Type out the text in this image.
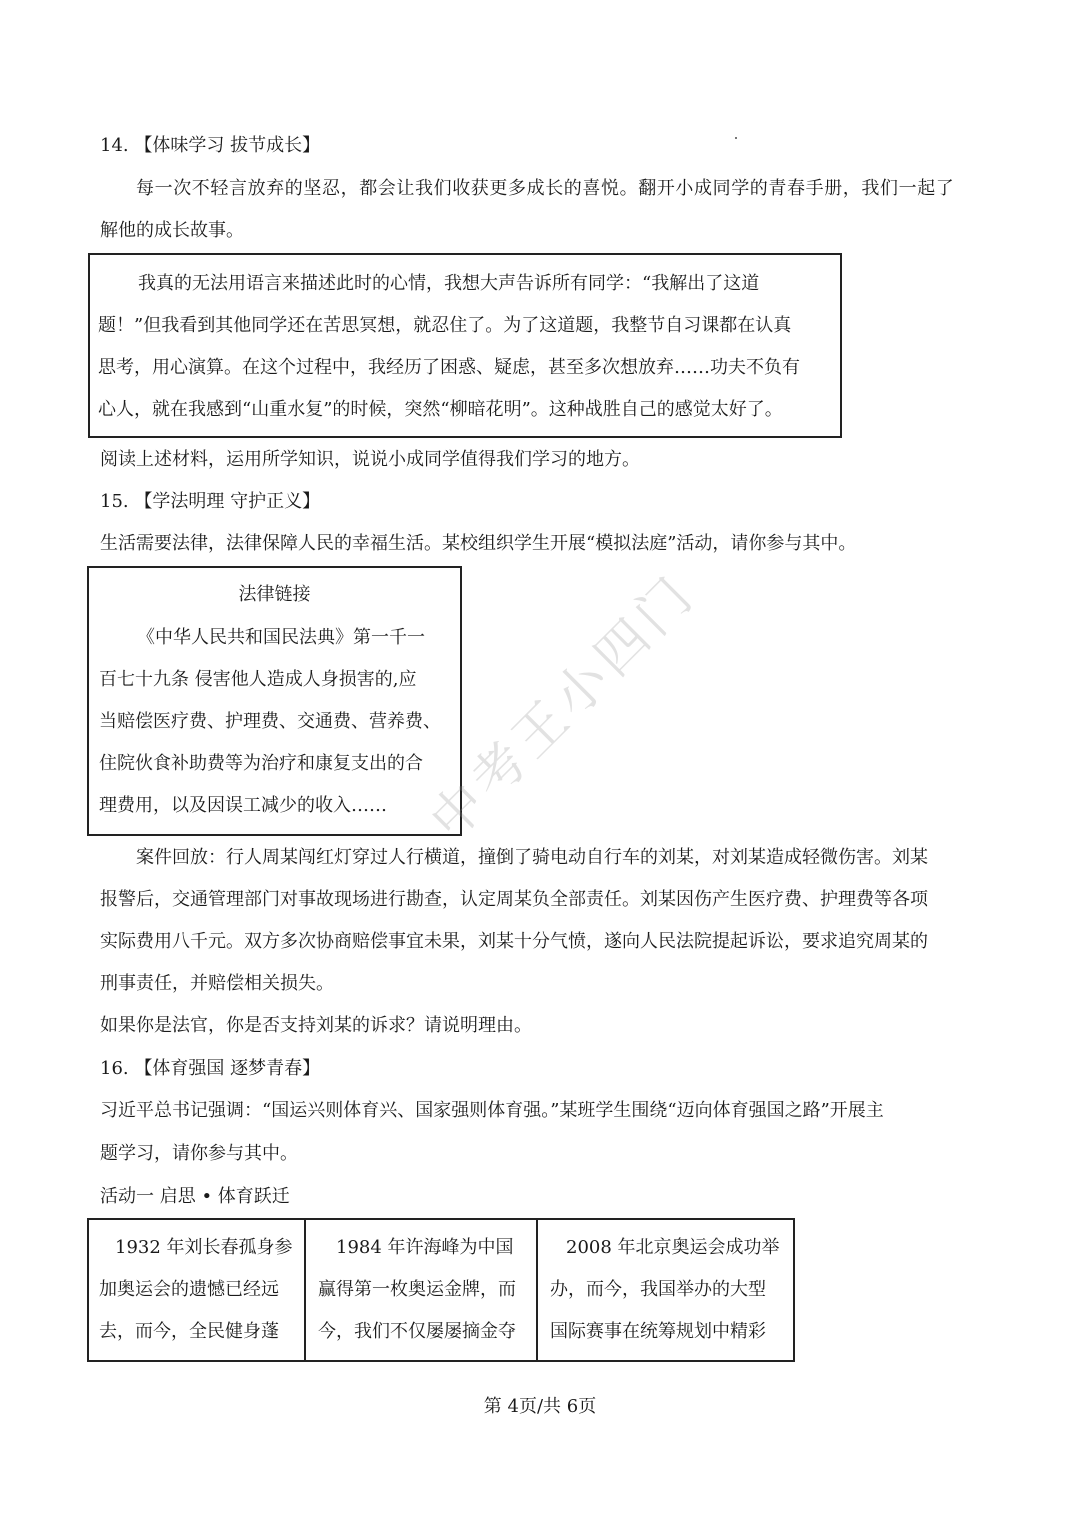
14. 【体味学习 拔节成长】
每一次不轻言放弃的坚忍，都会让我们收获更多成长的喜悦。翻开小成同学的青春手册，我们一起了
解他的成长故事。
我真的无法用语言来描述此时的心情，我想大声告诉所有同学：“我解出了这道
题！”但我看到其他同学还在苦思冥想，就忍住了。为了这道题，我整节自习课都在认真
思考，用心演算。在这个过程中，我经历了困惑、疑虑，甚至多次想放弃……功夫不负有
心人，就在我感到“山重水复”的时候，突然“柳暗花明”。这种战胜自己的感觉太好了。
阅读上述材料，运用所学知识，说说小成同学值得我们学习的地方。
15. 【学法明理 守护正义】
生活需要法律，法律保障人民的幸福生活。某校组织学生开展“模拟法庭”活动，请你参与其中。
法律链接
《中华人民共和国民法典》第一千一
百七十九条 侵害他人造成人身损害的,应
当赔偿医疗费、护理费、交通费、营养费、
住院伙食补助费等为治疗和康复支出的合
理费用，以及因误工减少的收入……
案件回放：行人周某闯红灯穿过人行横道，撞倒了骑电动自行车的刘某，对刘某造成轻微伤害。刘某
报警后，交通管理部门对事故现场进行勘查，认定周某负全部责任。刘某因伤产生医疗费、护理费等各项
实际费用八千元。双方多次协商赔偿事宜未果，刘某十分气愤，遂向人民法院提起诉讼，要求追究周某的
刑事责任，并赔偿相关损失。
如果你是法官，你是否支持刘某的诉求？请说明理由。
16. 【体育强国 逐梦青春】
习近平总书记强调：“国运兴则体育兴、国家强则体育强。”某班学生围绕“迈向体育强国之路”开展主
题学习，请你参与其中。
活动一 启思 • 体育跃迁
1932 年刘长春孤身参
加奥运会的遗憾已经远
去，而今，全民健身蓬
1984 年许海峰为中国
赢得第一枚奥运金牌，而
今，我们不仅屡屡摘金夺
2008 年北京奥运会成功举
办，而今，我国举办的大型
国际赛事在统筹规划中精彩
中考王小四门
第 4页/共 6页
